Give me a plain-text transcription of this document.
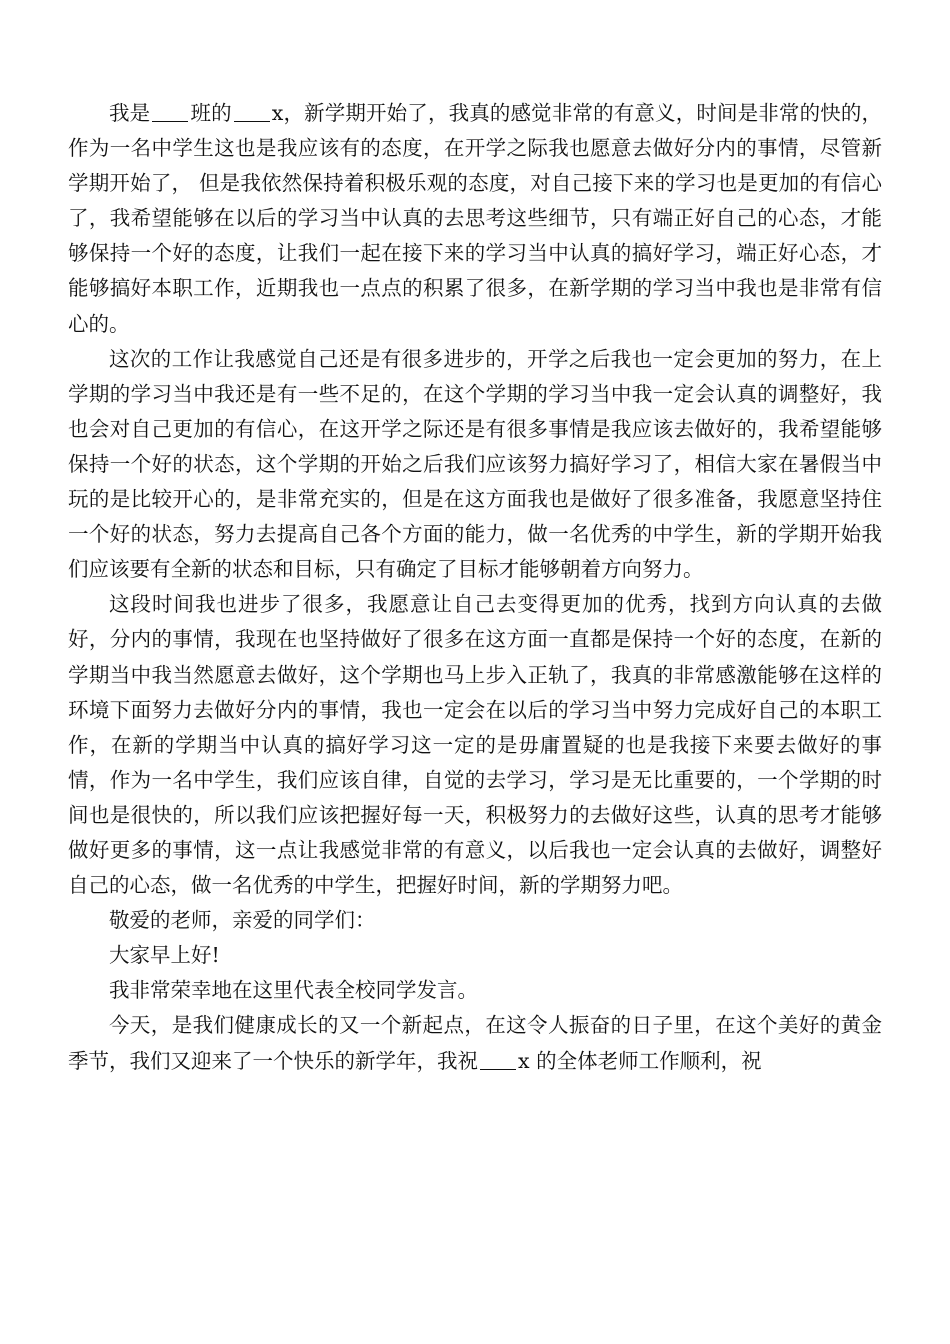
我是 班的 x，新学期开始了，我真的感觉非常的有意义，时间是非常的快的，作为一名中学生这也是我应该有的态度，在开学之际我也愿意去做好分内的事情，尽管新学期开始了， 但是我依然保持着积极乐观的态度，对自己接下来的学习也是更加的有信心了，我希望能够在以后的学习当中认真的去思考这些细节，只有端正好自己的心态，才能够保持一个好的态度，让我们一起在接下来的学习当中认真的搞好学习，端正好心态，才能够搞好本职工作，近期我也一点点的积累了很多，在新学期的学习当中我也是非常有信心的。

这次的工作让我感觉自己还是有很多进步的，开学之后我也一定会更加的努力，在上学期的学习当中我还是有一些不足的，在这个学期的学习当中我一定会认真的调整好，我也会对自己更加的有信心，在这开学之际还是有很多事情是我应该去做好的，我希望能够保持一个好的状态，这个学期的开始之后我们应该努力搞好学习了，相信大家在暑假当中玩的是比较开心的，是非常充实的，但是在这方面我也是做好了很多准备，我愿意坚持住一个好的状态，努力去提高自己各个方面的能力，做一名优秀的中学生，新的学期开始我们应该要有全新的状态和目标，只有确定了目标才能够朝着方向努力。

这段时间我也进步了很多，我愿意让自己去变得更加的优秀，找到方向认真的去做好，分内的事情，我现在也坚持做好了很多在这方面一直都是保持一个好的态度，在新的学期当中我当然愿意去做好，这个学期也马上步入正轨了，我真的非常感激能够在这样的环境下面努力去做好分内的事情，我也一定会在以后的学习当中努力完成好自己的本职工作，在新的学期当中认真的搞好学习这一定的是毋庸置疑的也是我接下来要去做好的事情，作为一名中学生，我们应该自律，自觉的去学习，学习是无比重要的，一个学期的时间也是很快的，所以我们应该把握好每一天，积极努力的去做好这些，认真的思考才能够做好更多的事情，这一点让我感觉非常的有意义，以后我也一定会认真的去做好，调整好自己的心态，做一名优秀的中学生，把握好时间，新的学期努力吧。

敬爱的老师，亲爱的同学们：

大家早上好!

我非常荣幸地在这里代表全校同学发言。

今天，是我们健康成长的又一个新起点，在这令人振奋的日子里，在这个美好的黄金季节，我们又迎来了一个快乐的新学年，我祝 x 的全体老师工作顺利，祝
